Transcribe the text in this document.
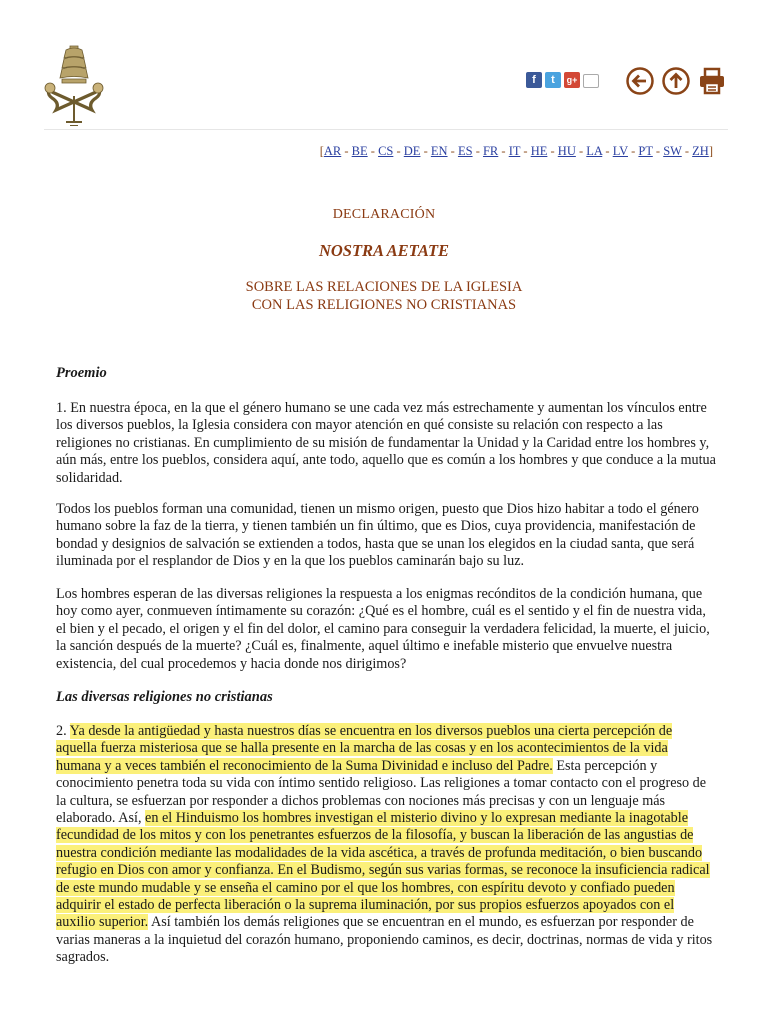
f	t	g+
[AR - BE - CS - DE - EN - ES - FR - IT - HE - HU - LA - LV - PT - SW - ZH]
DECLARACIÓN
NOSTRA AETATE
SOBRE LAS RELACIONES DE LA IGLESIA
CON LAS RELIGIONES NO CRISTIANAS
Proemio

1. En nuestra época, en la que el género humano se une cada vez más estrechamente y aumentan los vínculos entre los diversos pueblos, la Iglesia considera con mayor atención en qué consiste su relación con respecto a las religiones no cristianas. En cumplimiento de su misión de fundamentar la Unidad y la Caridad entre los hombres y, aún más, entre los pueblos, considera aquí, ante todo, aquello que es común a los hombres y que conduce a la mutua solidaridad.

Todos los pueblos forman una comunidad, tienen un mismo origen, puesto que Dios hizo habitar a todo el género humano sobre la faz de la tierra, y tienen también un fin último, que es Dios, cuya providencia, manifestación de bondad y designios de salvación se extienden a todos, hasta que se unan los elegidos en la ciudad santa, que será iluminada por el resplandor de Dios y en la que los pueblos caminarán bajo su luz.

Los hombres esperan de las diversas religiones la respuesta a los enigmas recónditos de la condición humana, que hoy como ayer, conmueven íntimamente su corazón: ¿Qué es el hombre, cuál es el sentido y el fin de nuestra vida, el bien y el pecado, el origen y el fin del dolor, el camino para conseguir la verdadera felicidad, la muerte, el juicio, la sanción después de la muerte? ¿Cuál es, finalmente, aquel último e inefable misterio que envuelve nuestra existencia, del cual procedemos y hacia donde nos dirigimos?

Las diversas religiones no cristianas

2. Ya desde la antigüedad y hasta nuestros días se encuentra en los diversos pueblos una cierta percepción de aquella fuerza misteriosa que se halla presente en la marcha de las cosas y en los acontecimientos de la vida humana y a veces también el reconocimiento de la Suma Divinidad e incluso del Padre. Esta percepción y conocimiento penetra toda su vida con íntimo sentido religioso. Las religiones a tomar contacto con el progreso de la cultura, se esfuerzan por responder a dichos problemas con nociones más precisas y con un lenguaje más elaborado. Así, en el Hinduismo los hombres investigan el misterio divino y lo expresan mediante la inagotable fecundidad de los mitos y con los penetrantes esfuerzos de la filosofía, y buscan la liberación de las angustias de nuestra condición mediante las modalidades de la vida ascética, a través de profunda meditación, o bien buscando refugio en Dios con amor y confianza. En el Budismo, según sus varias formas, se reconoce la insuficiencia radical de este mundo mudable y se enseña el camino por el que los hombres, con espíritu devoto y confiado pueden adquirir el estado de perfecta liberación o la suprema iluminación, por sus propios esfuerzos apoyados con el auxilio superior. Así también los demás religiones que se encuentran en el mundo, es esfuerzan por responder de varias maneras a la inquietud del corazón humano, proponiendo caminos, es decir, doctrinas, normas de vida y ritos sagrados.
